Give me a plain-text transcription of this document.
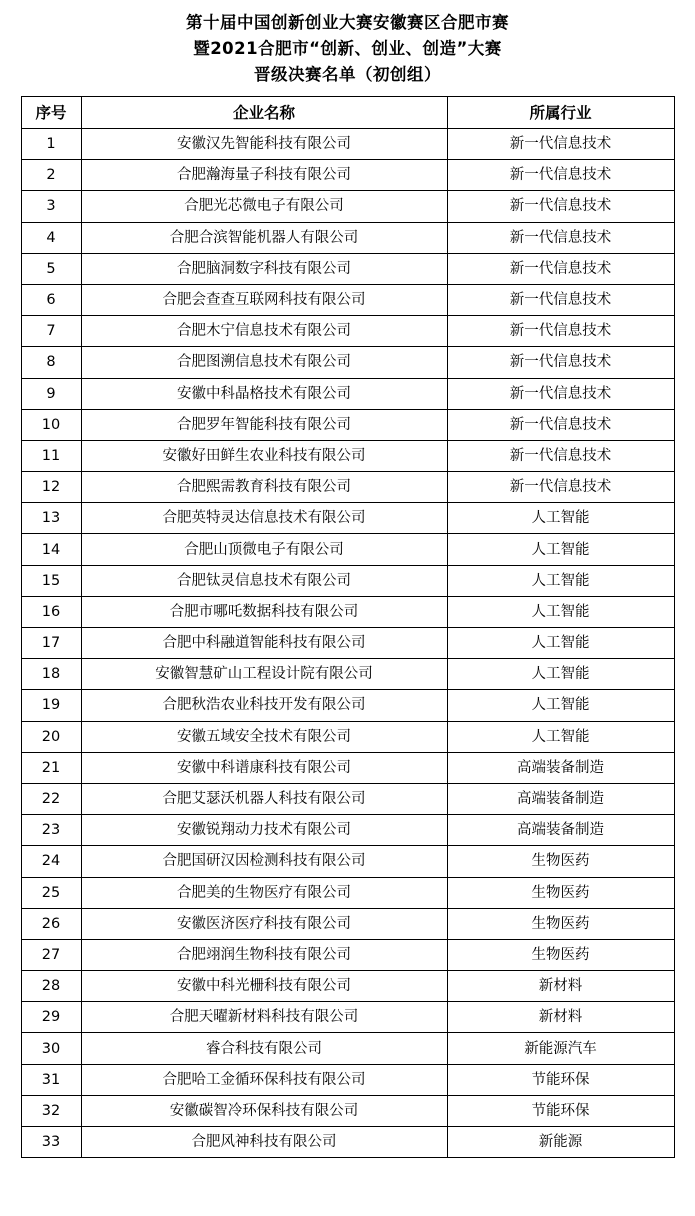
第十届中国创新创业大赛安徽赛区合肥市赛
暨2021合肥市“创新、创业、创造”大赛
晋级决赛名单（初创组）
序号	企业名称	所属行业
1	安徽汉先智能科技有限公司	新一代信息技术
2	合肥瀚海量子科技有限公司	新一代信息技术
3	合肥光芯微电子有限公司	新一代信息技术
4	合肥合滨智能机器人有限公司	新一代信息技术
5	合肥脑洞数字科技有限公司	新一代信息技术
6	合肥会查查互联网科技有限公司	新一代信息技术
7	合肥木宁信息技术有限公司	新一代信息技术
8	合肥图溯信息技术有限公司	新一代信息技术
9	安徽中科晶格技术有限公司	新一代信息技术
10	合肥罗年智能科技有限公司	新一代信息技术
11	安徽好田鲜生农业科技有限公司	新一代信息技术
12	合肥熙需教育科技有限公司	新一代信息技术
13	合肥英特灵达信息技术有限公司	人工智能
14	合肥山顶微电子有限公司	人工智能
15	合肥钛灵信息技术有限公司	人工智能
16	合肥市哪吒数据科技有限公司	人工智能
17	合肥中科融道智能科技有限公司	人工智能
18	安徽智慧矿山工程设计院有限公司	人工智能
19	合肥秋浩农业科技开发有限公司	人工智能
20	安徽五域安全技术有限公司	人工智能
21	安徽中科谱康科技有限公司	高端装备制造
22	合肥艾瑟沃机器人科技有限公司	高端装备制造
23	安徽锐翔动力技术有限公司	高端装备制造
24	合肥国研汉因检测科技有限公司	生物医药
25	合肥美的生物医疗有限公司	生物医药
26	安徽医济医疗科技有限公司	生物医药
27	合肥翊润生物科技有限公司	生物医药
28	安徽中科光栅科技有限公司	新材料
29	合肥天曜新材料科技有限公司	新材料
30	睿合科技有限公司	新能源汽车
31	合肥哈工金循环保科技有限公司	节能环保
32	安徽碳智冷环保科技有限公司	节能环保
33	合肥风神科技有限公司	新能源
